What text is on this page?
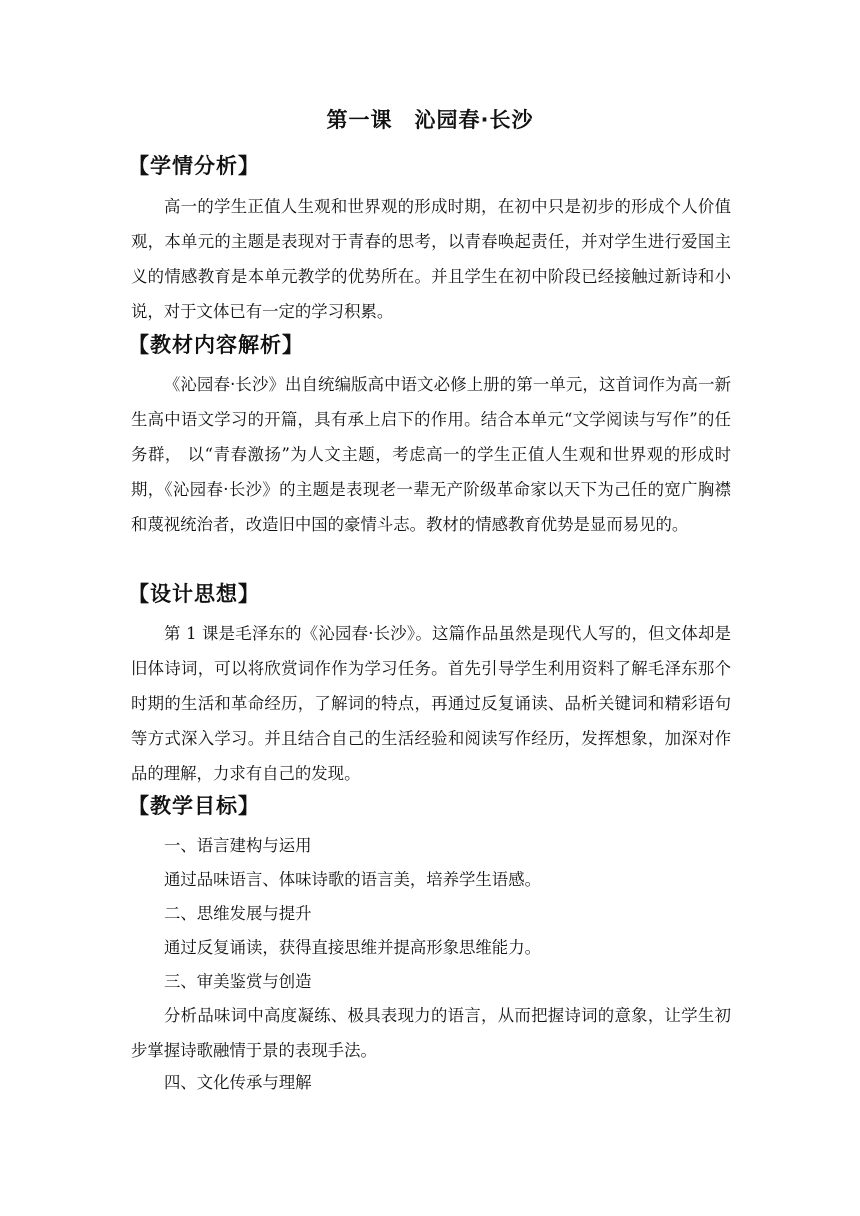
第一课　沁园春·长沙
【学情分析】

高一的学生正值人生观和世界观的形成时期，在初中只是初步的形成个人价值观，本单元的主题是表现对于青春的思考，以青春唤起责任，并对学生进行爱国主义的情感教育是本单元教学的优势所在。并且学生在初中阶段已经接触过新诗和小说，对于文体已有一定的学习积累。

【教材内容解析】

《沁园春·长沙》出自统编版高中语文必修上册的第一单元，这首词作为高一新生高中语文学习的开篇，具有承上启下的作用。结合本单元“文学阅读与写作”的任务群， 以“青春激扬”为人文主题，考虑高一的学生正值人生观和世界观的形成时期，《沁园春·长沙》的主题是表现老一辈无产阶级革命家以天下为己任的宽广胸襟和蔑视统治者，改造旧中国的豪情斗志。教材的情感教育优势是显而易见的。

【设计思想】

第 1 课是毛泽东的《沁园春·长沙》。这篇作品虽然是现代人写的，但文体却是旧体诗词，可以将欣赏词作作为学习任务。首先引导学生利用资料了解毛泽东那个时期的生活和革命经历，了解词的特点，再通过反复诵读、品析关键词和精彩语句等方式深入学习。并且结合自己的生活经验和阅读写作经历，发挥想象，加深对作品的理解，力求有自己的发现。

【教学目标】
一、语言建构与运用
通过品味语言、体味诗歌的语言美，培养学生语感。
二、思维发展与提升
通过反复诵读，获得直接思维并提高形象思维能力。
三、审美鉴赏与创造

分析品味词中高度凝练、极具表现力的语言，从而把握诗词的意象，让学生初步掌握诗歌融情于景的表现手法。

四、文化传承与理解
